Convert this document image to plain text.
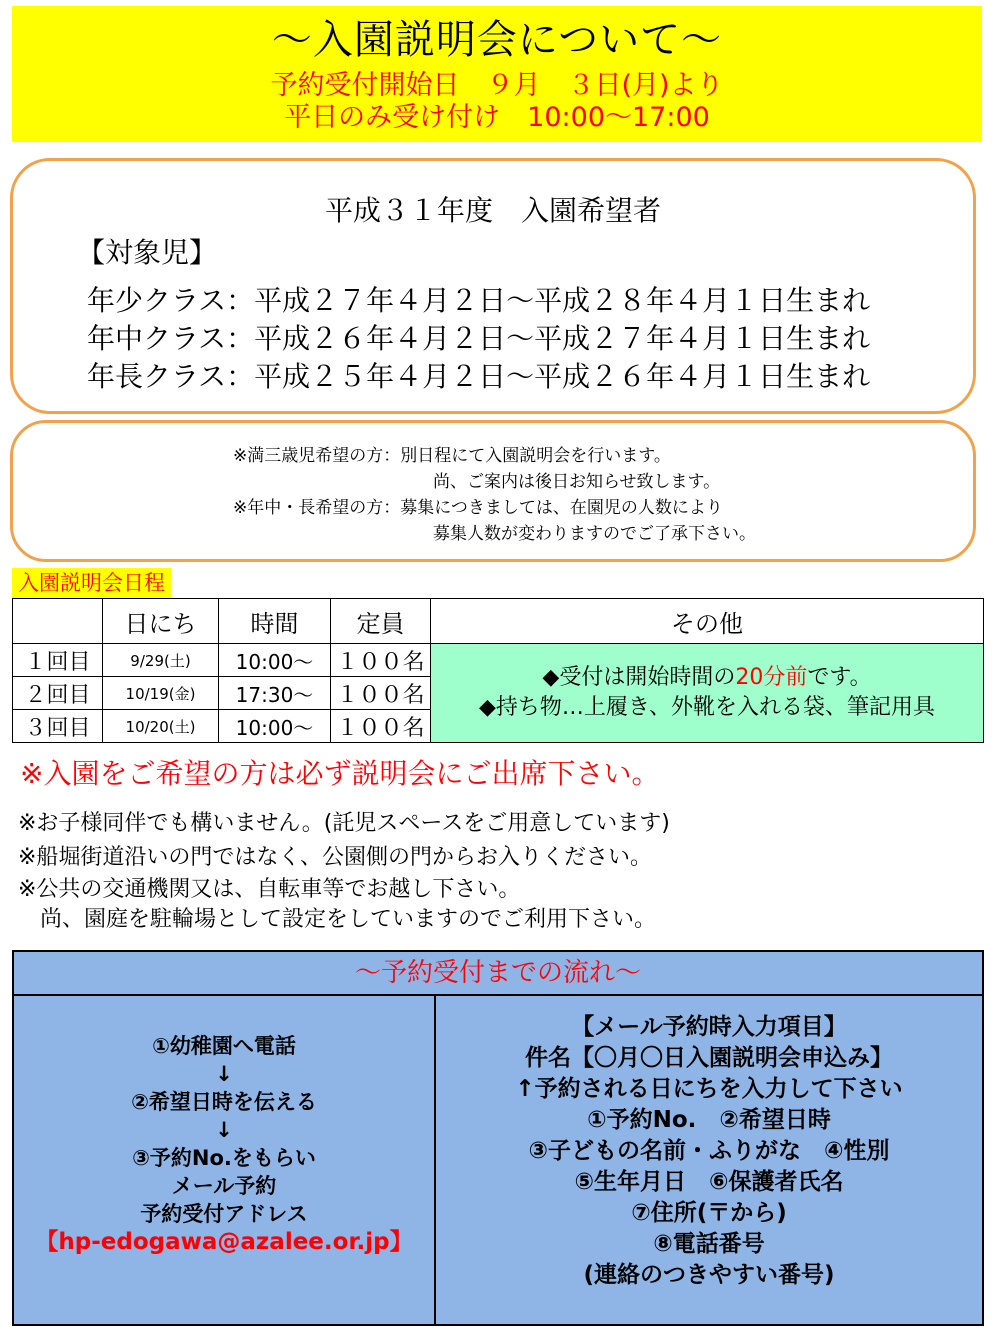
〜入園説明会について〜
予約受付開始日　９月　３日(月)より
平日のみ受け付け　10:00〜17:00
平成３１年度　入園希望者
【対象児】
年少クラス：平成２７年４月２日〜平成２８年４月１日生まれ
年中クラス：平成２６年４月２日〜平成２７年４月１日生まれ
年長クラス：平成２５年４月２日〜平成２６年４月１日生まれ
※満三歳児希望の方：別日程にて入園説明会を行います。
尚、ご案内は後日お知らせ致します。
※年中・長希望の方：募集につきましては、在園児の人数により
募集人数が変わりますのでご了承下さい。
入園説明会日程
	日にち	時間	定員	その他
１回目	9/29(土)	10:00〜	１００名	◆受付は開始時間の20分前です。
◆持ち物…上履き、外靴を入れる袋、筆記用具

２回目	10/19(金)	17:30〜	１００名	
３回目	10/20(土)	10:00〜	１００名	
※入園をご希望の方は必ず説明会にご出席下さい。
※お子様同伴でも構いません。(託児スペースをご用意しています)
※船堀街道沿いの門ではなく、公園側の門からお入りください。
※公共の交通機関又は、自転車等でお越し下さい。
　尚、園庭を駐輪場として設定をしていますのでご利用下さい。
〜予約受付までの流れ〜
①幼稚園へ電話
↓
②希望日時を伝える
↓
③予約No.をもらい
メール予約
予約受付アドレス
【hp-edogawa@azalee.or.jp】
【メール予約時入力項目】
件名【〇月〇日入園説明会申込み】
↑予約される日にちを入力して下さい
①予約No.　②希望日時
③子どもの名前・ふりがな　④性別
⑤生年月日　⑥保護者氏名
⑦住所(〒から)
⑧電話番号
(連絡のつきやすい番号)
